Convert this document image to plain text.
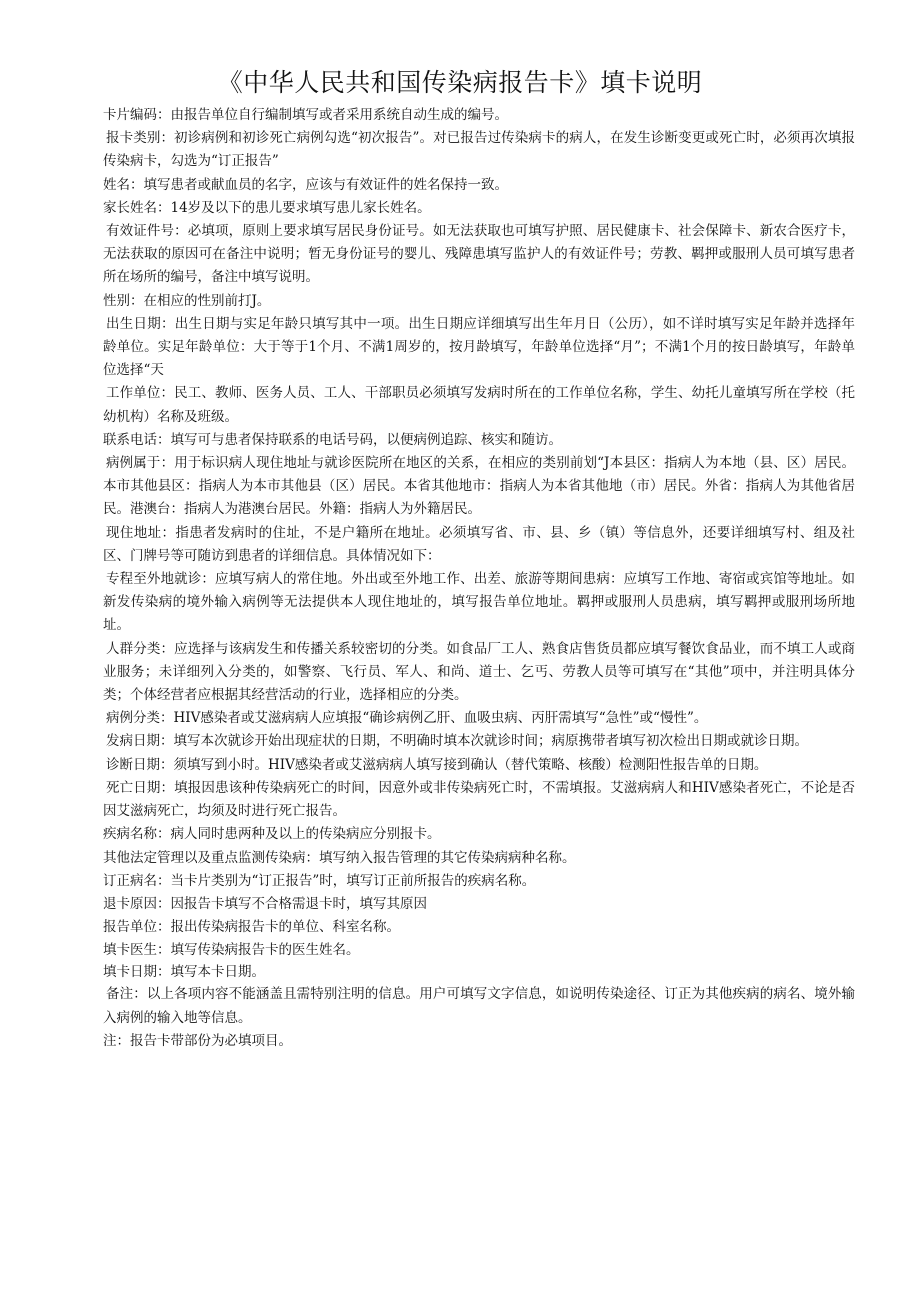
《中华人民共和国传染病报告卡》填卡说明

卡片编码：由报告单位自行编制填写或者采用系统自动生成的编号。

报卡类别：初诊病例和初诊死亡病例勾选“初次报告”。对已报告过传染病卡的病人，在发生诊断变更或死亡时，必须再次填报传染病卡，勾选为“订正报告”

姓名：填写患者或献血员的名字，应该与有效证件的姓名保持一致。

家长姓名：14岁及以下的患儿要求填写患儿家长姓名。

有效证件号：必填项，原则上要求填写居民身份证号。如无法获取也可填写护照、居民健康卡、社会保障卡、新农合医疗卡，无法获取的原因可在备注中说明；暂无身份证号的婴儿、残障患填写监护人的有效证件号；劳教、羁押或服刑人员可填写患者所在场所的编号，备注中填写说明。

性别：在相应的性别前打J。

出生日期：出生日期与实足年龄只填写其中一项。出生日期应详细填写出生年月日（公历），如不详时填写实足年龄并选择年龄单位。实足年龄单位：大于等于1个月、不满1周岁的，按月龄填写，年龄单位选择“月”；不满1个月的按日龄填写，年龄单位选择“天

工作单位：民工、教师、医务人员、工人、干部职员必须填写发病时所在的工作单位名称，学生、幼托儿童填写所在学校（托幼机构）名称及班级。

联系电话：填写可与患者保持联系的电话号码，以便病例追踪、核实和随访。

病例属于：用于标识病人现住地址与就诊医院所在地区的关系，在相应的类别前划“J本县区：指病人为本地（县、区）居民。本市其他县区：指病人为本市其他县（区）居民。本省其他地市：指病人为本省其他地（市）居民。外省：指病人为其他省居民。港澳台：指病人为港澳台居民。外籍：指病人为外籍居民。

现住地址：指患者发病时的住址，不是户籍所在地址。必须填写省、市、县、乡（镇）等信息外，还要详细填写村、组及社区、门牌号等可随访到患者的详细信息。具体情况如下：

专程至外地就诊：应填写病人的常住地。外出或至外地工作、出差、旅游等期间患病：应填写工作地、寄宿或宾馆等地址。如新发传染病的境外输入病例等无法提供本人现住地址的，填写报告单位地址。羁押或服刑人员患病，填写羁押或服刑场所地址。

人群分类：应选择与该病发生和传播关系较密切的分类。如食品厂工人、熟食店售货员都应填写餐饮食品业，而不填工人或商业服务；未详细列入分类的，如警察、飞行员、军人、和尚、道士、乞丐、劳教人员等可填写在“其他”项中，并注明具体分类；个体经营者应根据其经营活动的行业，选择相应的分类。

病例分类：HIV感染者或艾滋病病人应填报“确诊病例乙肝、血吸虫病、丙肝需填写“急性”或“慢性”。

发病日期：填写本次就诊开始出现症状的日期，不明确时填本次就诊时间；病原携带者填写初次检出日期或就诊日期。

诊断日期：须填写到小时。HIV感染者或艾滋病病人填写接到确认（替代策略、核酸）检测阳性报告单的日期。

死亡日期：填报因患该种传染病死亡的时间，因意外或非传染病死亡时，不需填报。艾滋病病人和HIV感染者死亡，不论是否因艾滋病死亡，均须及时进行死亡报告。

疾病名称：病人同时患两种及以上的传染病应分别报卡。

其他法定管理以及重点监测传染病：填写纳入报告管理的其它传染病病种名称。

订正病名：当卡片类别为“订正报告”时，填写订正前所报告的疾病名称。

退卡原因：因报告卡填写不合格需退卡时，填写其原因

报告单位：报出传染病报告卡的单位、科室名称。

填卡医生：填写传染病报告卡的医生姓名。

填卡日期：填写本卡日期。

备注：以上各项内容不能涵盖且需特别注明的信息。用户可填写文字信息，如说明传染途径、订正为其他疾病的病名、境外输入病例的输入地等信息。

注：报告卡带部份为必填项目。
